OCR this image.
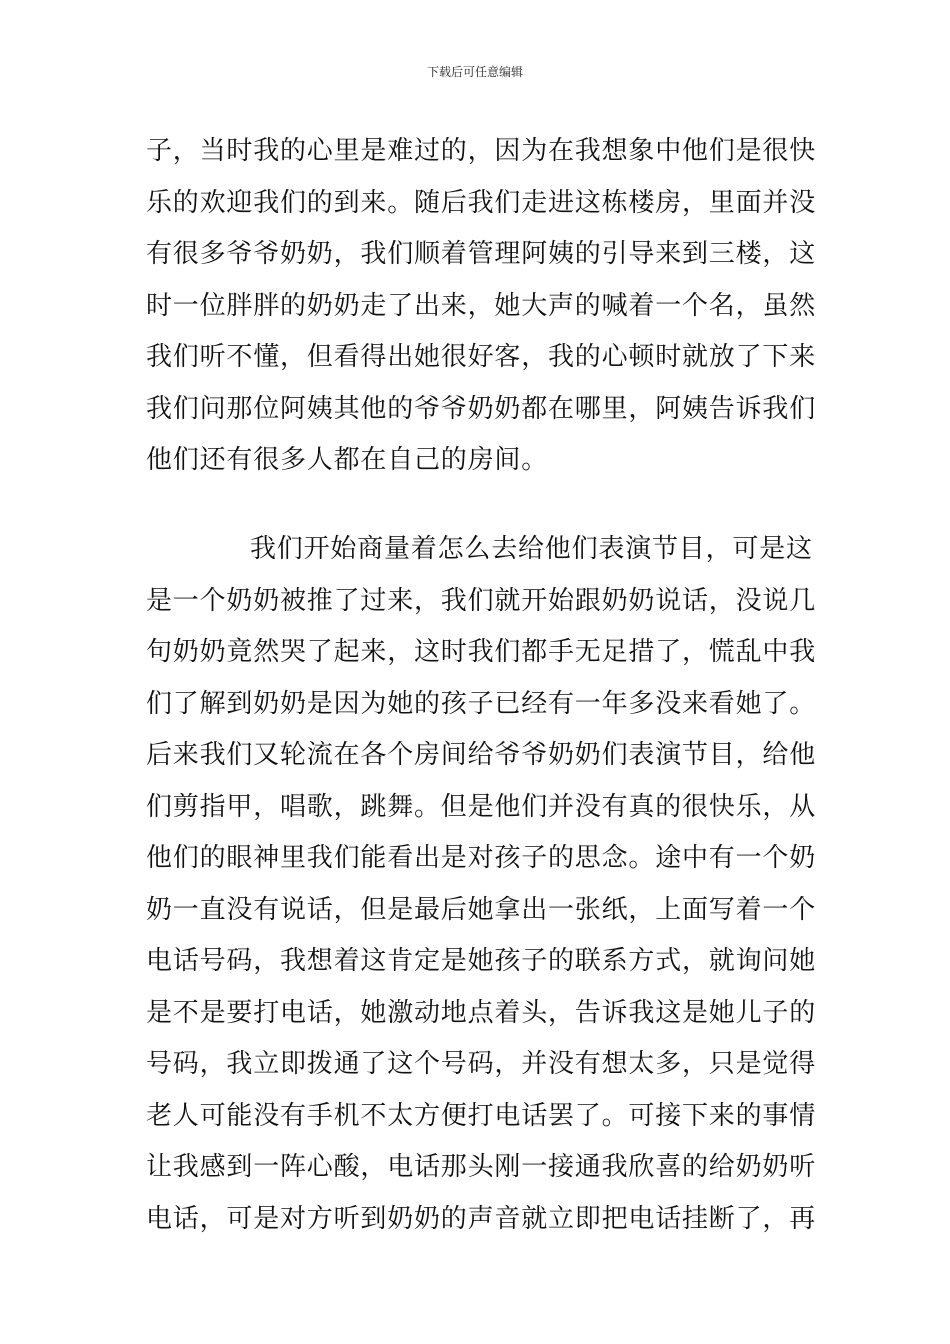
下载后可任意编辑
子，当时我的心里是难过的，因为在我想象中他们是很快
乐的欢迎我们的到来。随后我们走进这栋楼房，里面并没
有很多爷爷奶奶，我们顺着管理阿姨的引导来到三楼，这
时一位胖胖的奶奶走了出来，她大声的喊着一个名，虽然
我们听不懂，但看得出她很好客，我的心顿时就放了下来
我们问那位阿姨其他的爷爷奶奶都在哪里，阿姨告诉我们
他们还有很多人都在自己的房间。
我们开始商量着怎么去给他们表演节目，可是这
是一个奶奶被推了过来，我们就开始跟奶奶说话，没说几
句奶奶竟然哭了起来，这时我们都手无足措了，慌乱中我
们了解到奶奶是因为她的孩子已经有一年多没来看她了。
后来我们又轮流在各个房间给爷爷奶奶们表演节目，给他
们剪指甲，唱歌，跳舞。但是他们并没有真的很快乐，从
他们的眼神里我们能看出是对孩子的思念。途中有一个奶
奶一直没有说话，但是最后她拿出一张纸，上面写着一个
电话号码，我想着这肯定是她孩子的联系方式，就询问她
是不是要打电话，她激动地点着头，告诉我这是她儿子的
号码，我立即拨通了这个号码，并没有想太多，只是觉得
老人可能没有手机不太方便打电话罢了。可接下来的事情
让我感到一阵心酸，电话那头刚一接通我欣喜的给奶奶听
电话，可是对方听到奶奶的声音就立即把电话挂断了，再
